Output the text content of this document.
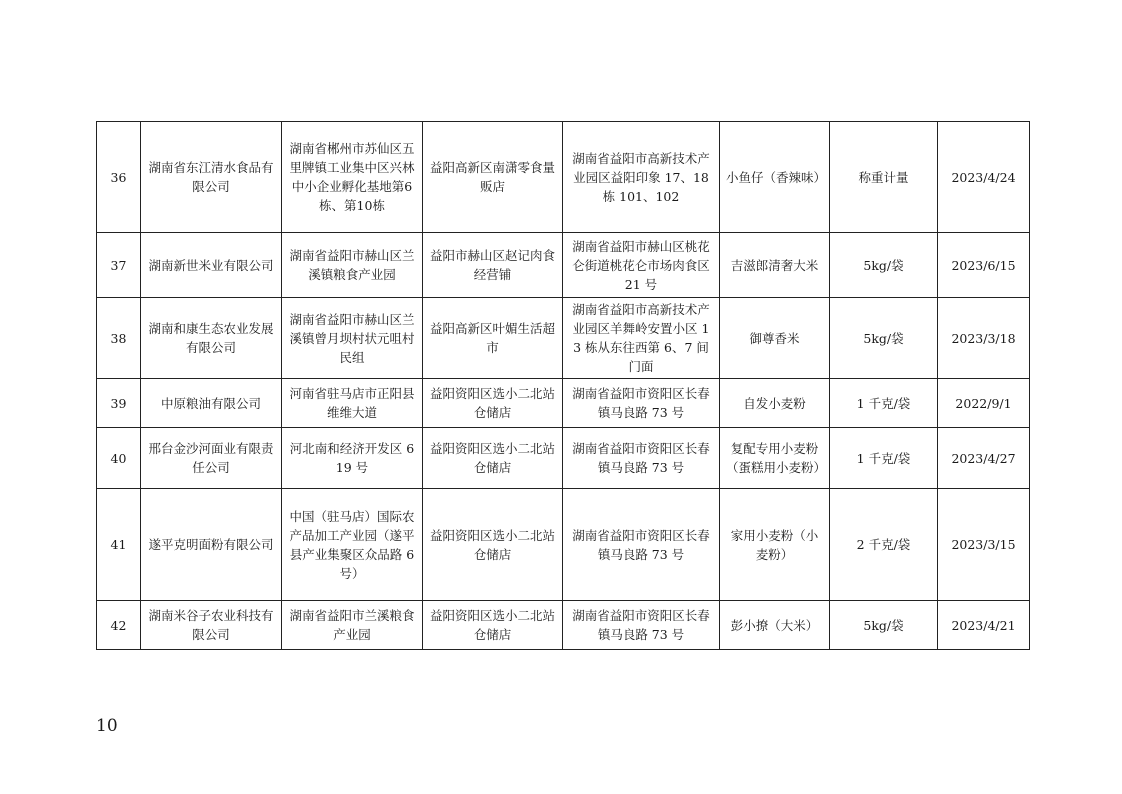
36	湖南省东江清水食品有限公司	湖南省郴州市苏仙区五里牌镇工业集中区兴林中小企业孵化基地第6栋、第10栋	益阳高新区南潇零食量贩店	湖南省益阳市高新技术产业园区益阳印象 17、18 栋 101、102	小鱼仔（香辣味）	称重计量	2023/4/24
37	湖南新世米业有限公司	湖南省益阳市赫山区兰溪镇粮食产业园	益阳市赫山区赵记肉食经营铺	湖南省益阳市赫山区桃花仑街道桃花仑市场肉食区 21 号	吉滋郎清奢大米	5kg/袋	2023/6/15
38	湖南和康生态农业发展有限公司	湖南省益阳市赫山区兰溪镇曾月坝村状元咀村民组	益阳高新区叶媚生活超市	湖南省益阳市高新技术产业园区羊舞岭安置小区 13 栋从东往西第 6、7 间门面	御尊香米	5kg/袋	2023/3/18
39	中原粮油有限公司	河南省驻马店市正阳县维维大道	益阳资阳区选小二北站仓储店	湖南省益阳市资阳区长春镇马良路 73 号	自发小麦粉	1 千克/袋	2022/9/1
40	邢台金沙河面业有限责任公司	河北南和经济开发区 619 号	益阳资阳区选小二北站仓储店	湖南省益阳市资阳区长春镇马良路 73 号	复配专用小麦粉（蛋糕用小麦粉）	1 千克/袋	2023/4/27
41	遂平克明面粉有限公司	中国（驻马店）国际农产品加工产业园（遂平县产业集聚区众品路 6 号）	益阳资阳区选小二北站仓储店	湖南省益阳市资阳区长春镇马良路 73 号	家用小麦粉（小麦粉）	2 千克/袋	2023/3/15
42	湖南米谷子农业科技有限公司	湖南省益阳市兰溪粮食产业园	益阳资阳区选小二北站仓储店	湖南省益阳市资阳区长春镇马良路 73 号	彭小撩（大米）	5kg/袋	2023/4/21
10
